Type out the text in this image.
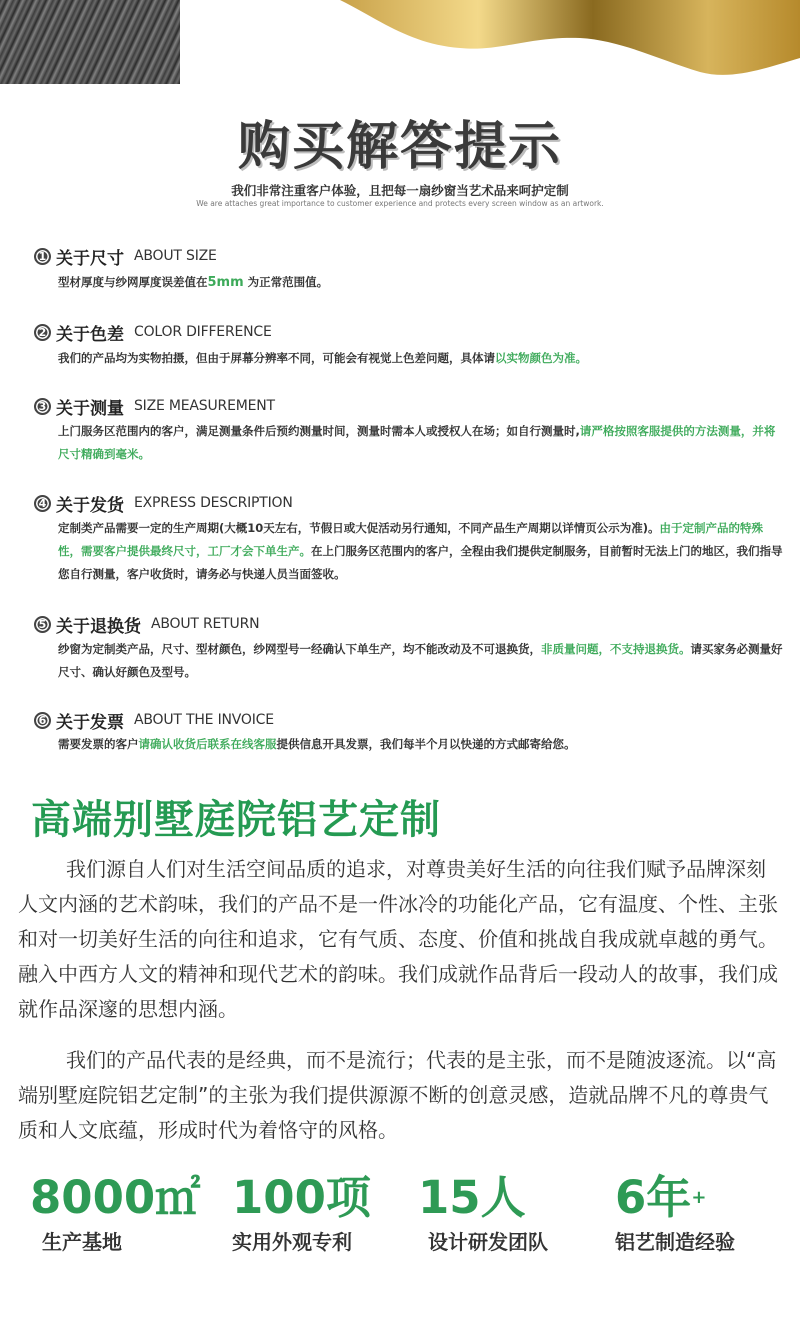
购买解答提示
我们非常注重客户体验，且把每一扇纱窗当艺术品来呵护定制
We are attaches great importance to customer experience and protects every screen window as an artwork.
1 关于尺寸 ABOUT SIZE
型材厚度与纱网厚度误差值在5mm 为正常范围值。
2 关于色差 COLOR DIFFERENCE
我们的产品均为实物拍摄，但由于屏幕分辨率不同，可能会有视觉上色差问题，具体请以实物颜色为准。
3 关于测量 SIZE MEASUREMENT
上门服务区范围内的客户，满足测量条件后预约测量时间，测量时需本人或授权人在场；如自行测量时,请严格按照客服提供的方法测量，并将尺寸精确到毫米。
4 关于发货 EXPRESS DESCRIPTION
定制类产品需要一定的生产周期(大概10天左右，节假日或大促活动另行通知，不同产品生产周期以详情页公示为准)。由于定制产品的特殊性，需要客户提供最终尺寸，工厂才会下单生产。在上门服务区范围内的客户，全程由我们提供定制服务，目前暂时无法上门的地区，我们指导您自行测量，客户收货时，请务必与快递人员当面签收。
5 关于退换货 ABOUT RETURN
纱窗为定制类产品，尺寸、型材颜色，纱网型号一经确认下单生产，均不能改动及不可退换货，非质量问题，不支持退换货。请买家务必测量好尺寸、确认好颜色及型号。
6 关于发票 ABOUT THE INVOICE
需要发票的客户请确认收货后联系在线客服提供信息开具发票，我们每半个月以快递的方式邮寄给您。
高端别墅庭院铝艺定制
我们源自人们对生活空间品质的追求，对尊贵美好生活的向往我们赋予品牌深刻人文内涵的艺术韵味，我们的产品不是一件冰冷的功能化产品，它有温度、个性、主张和对一切美好生活的向往和追求，它有气质、态度、价值和挑战自我成就卓越的勇气。融入中西方人文的精神和现代艺术的韵味。我们成就作品背后一段动人的故事，我们成就作品深邃的思想内涵。
我们的产品代表的是经典，而不是流行；代表的是主张，而不是随波逐流。以“高端别墅庭院铝艺定制”的主张为我们提供源源不断的创意灵感，造就品牌不凡的尊贵气质和人文底蕴，形成时代为着恪守的风格。
8000㎡
生产基地
100项
实用外观专利
15人
设计研发团队
6年+
铝艺制造经验
